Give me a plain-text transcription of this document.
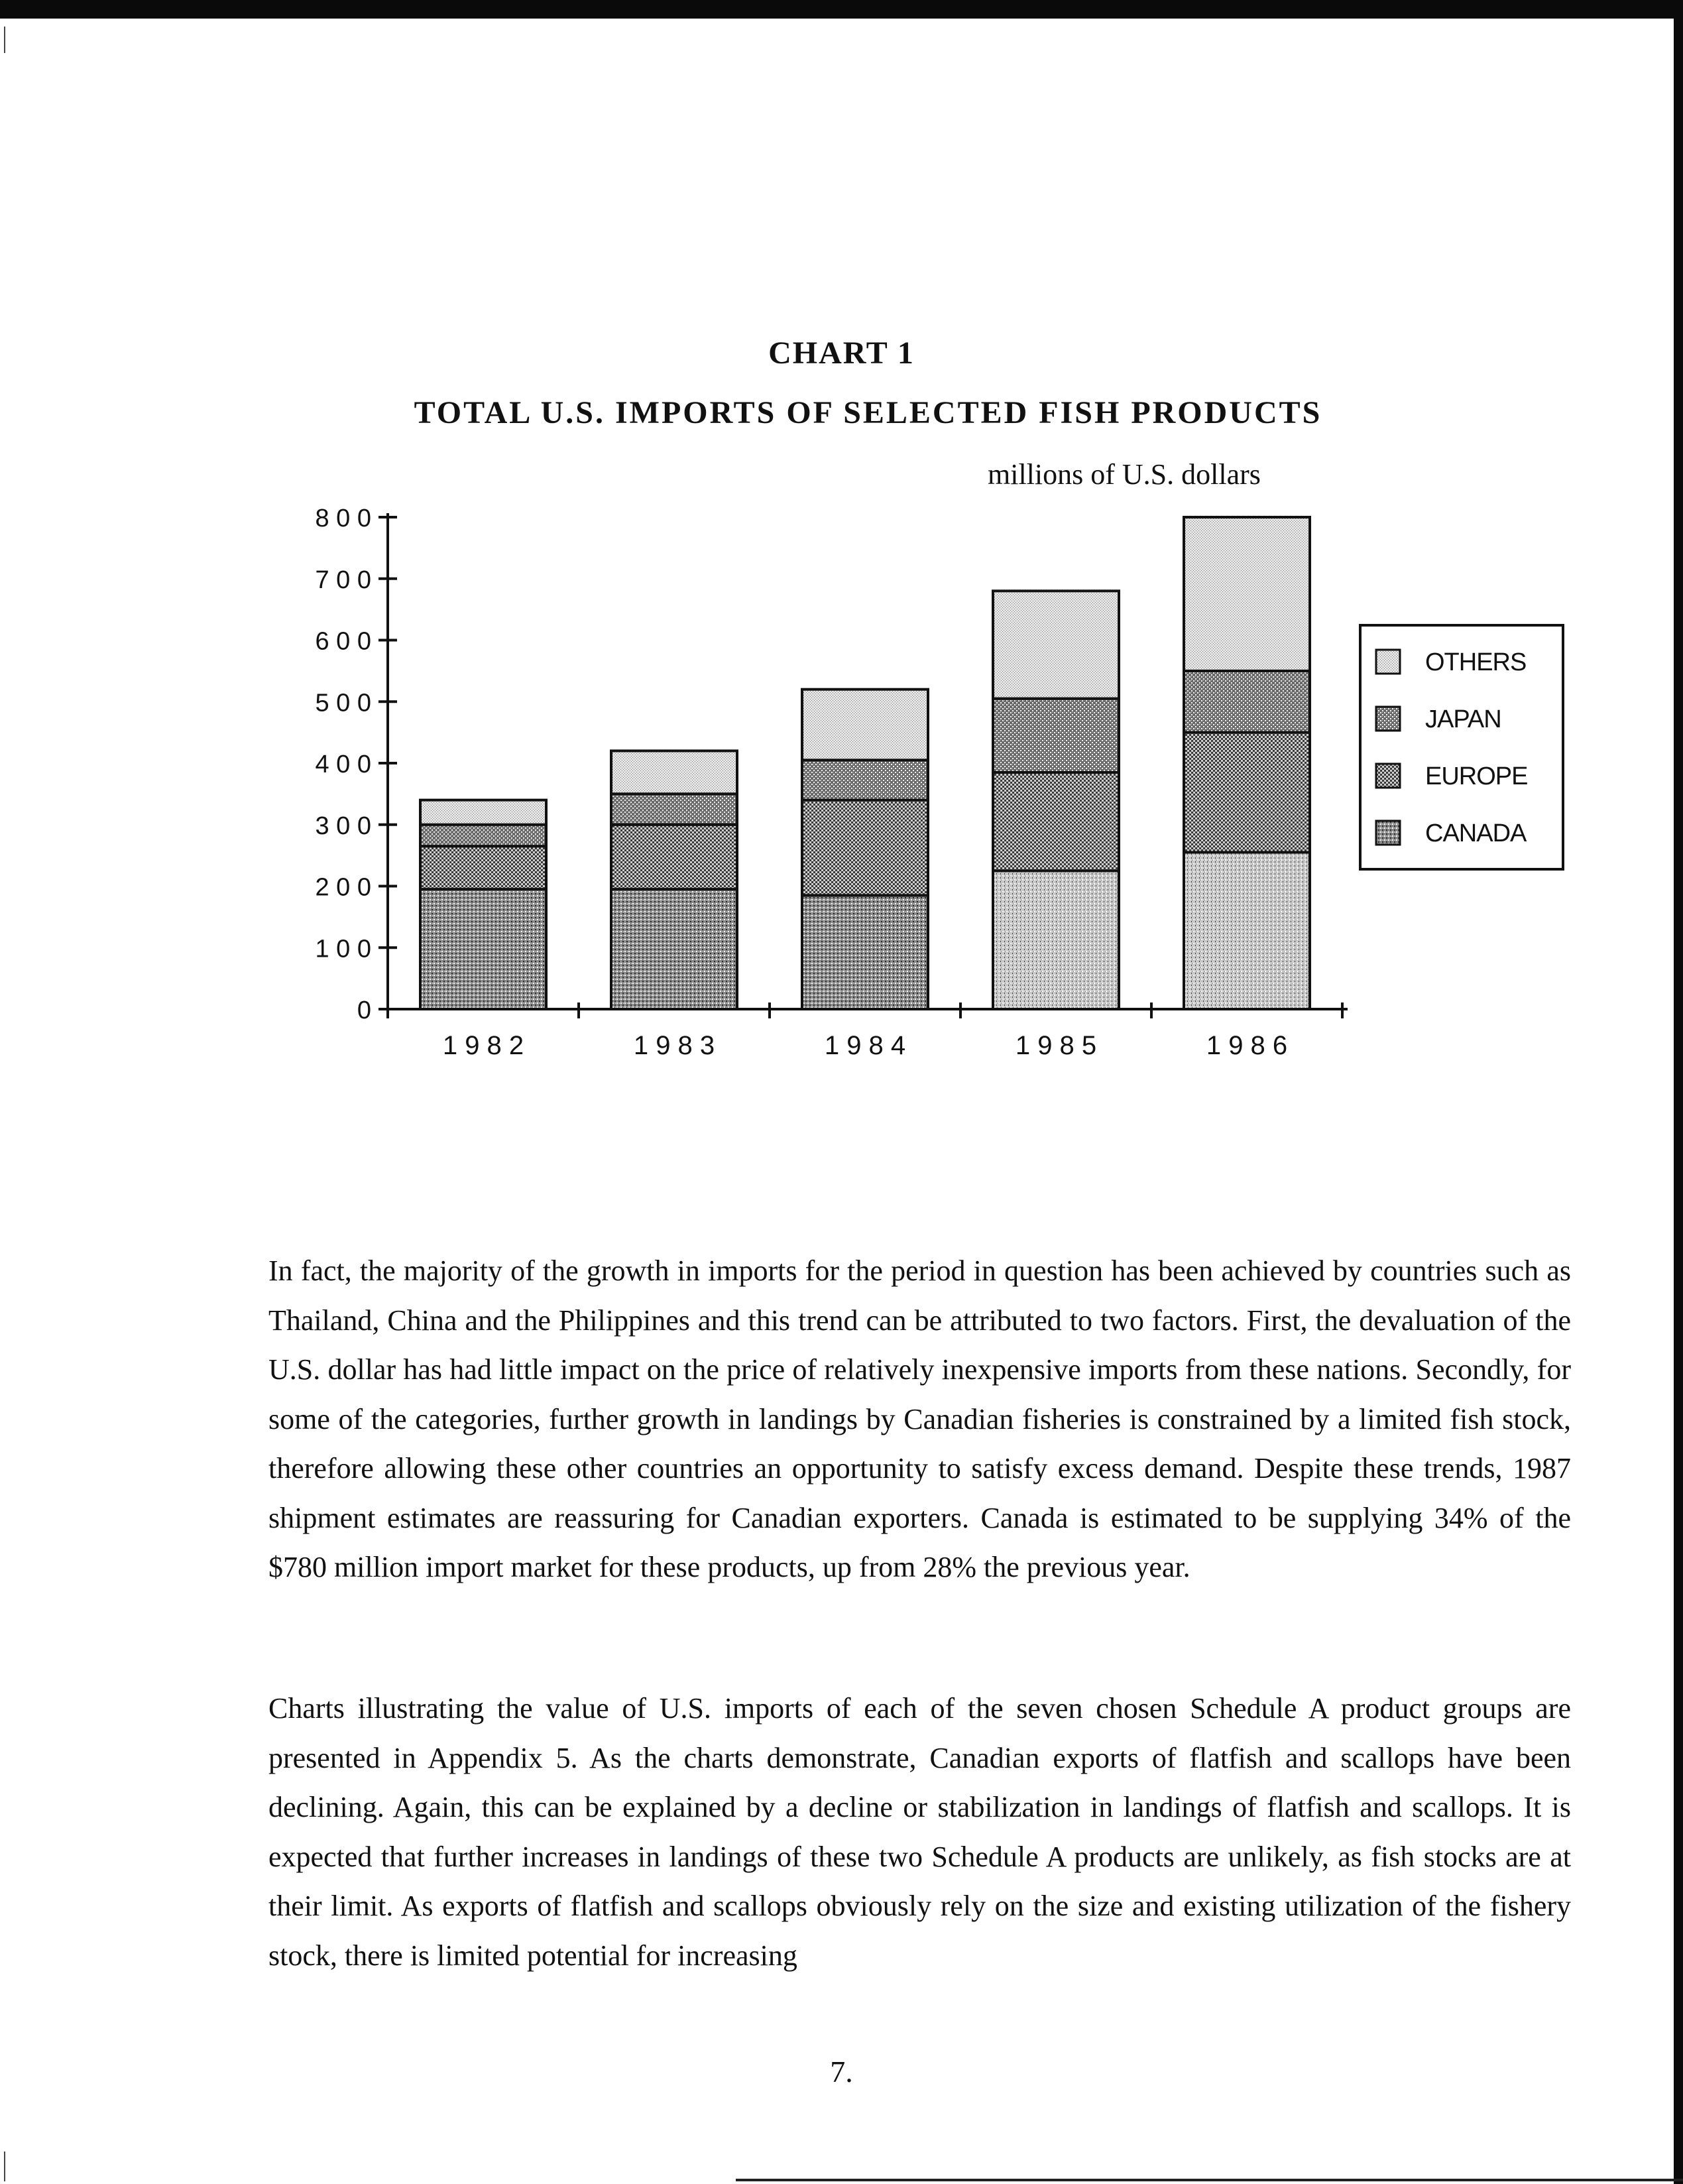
CHART 1
TOTAL U.S. IMPORTS OF SELECTED FISH PRODUCTS
millions of U.S. dollars
0
1 0 0
2 0 0
3 0 0
4 0 0
5 0 0
6 0 0
7 0 0
8 0 0
1 9 8 2	1 9 8 3	1 9 8 4	1 9 8 5	1 9 8 6
OTHERS
JAPAN
EUROPE
CANADA
In fact, the majority of the growth in imports for the period in question has been achieved by countries such as Thailand, China and the Philippines and this trend can be attributed to two factors. First, the devaluation of the U.S. dollar has had little impact on the price of relatively inexpensive imports from these nations. Secondly, for some of the categories, further growth in landings by Canadian fisheries is constrained by a limited fish stock, therefore allowing these other countries an opportunity to satisfy excess demand. Despite these trends, 1987 shipment estimates are reassuring for Canadian exporters. Canada is estimated to be supplying 34% of the $780 million import market for these products, up from 28% the previous year.
Charts illustrating the value of U.S. imports of each of the seven chosen Schedule A product groups are presented in Appendix 5. As the charts demonstrate, Canadian exports of flatfish and scallops have been declining. Again, this can be explained by a decline or stabilization in landings of flatfish and scallops. It is expected that further increases in landings of these two Schedule A products are unlikely, as fish stocks are at their limit. As exports of flatfish and scallops obviously rely on the size and existing utilization of the fishery stock, there is limited potential for increasing
7.
